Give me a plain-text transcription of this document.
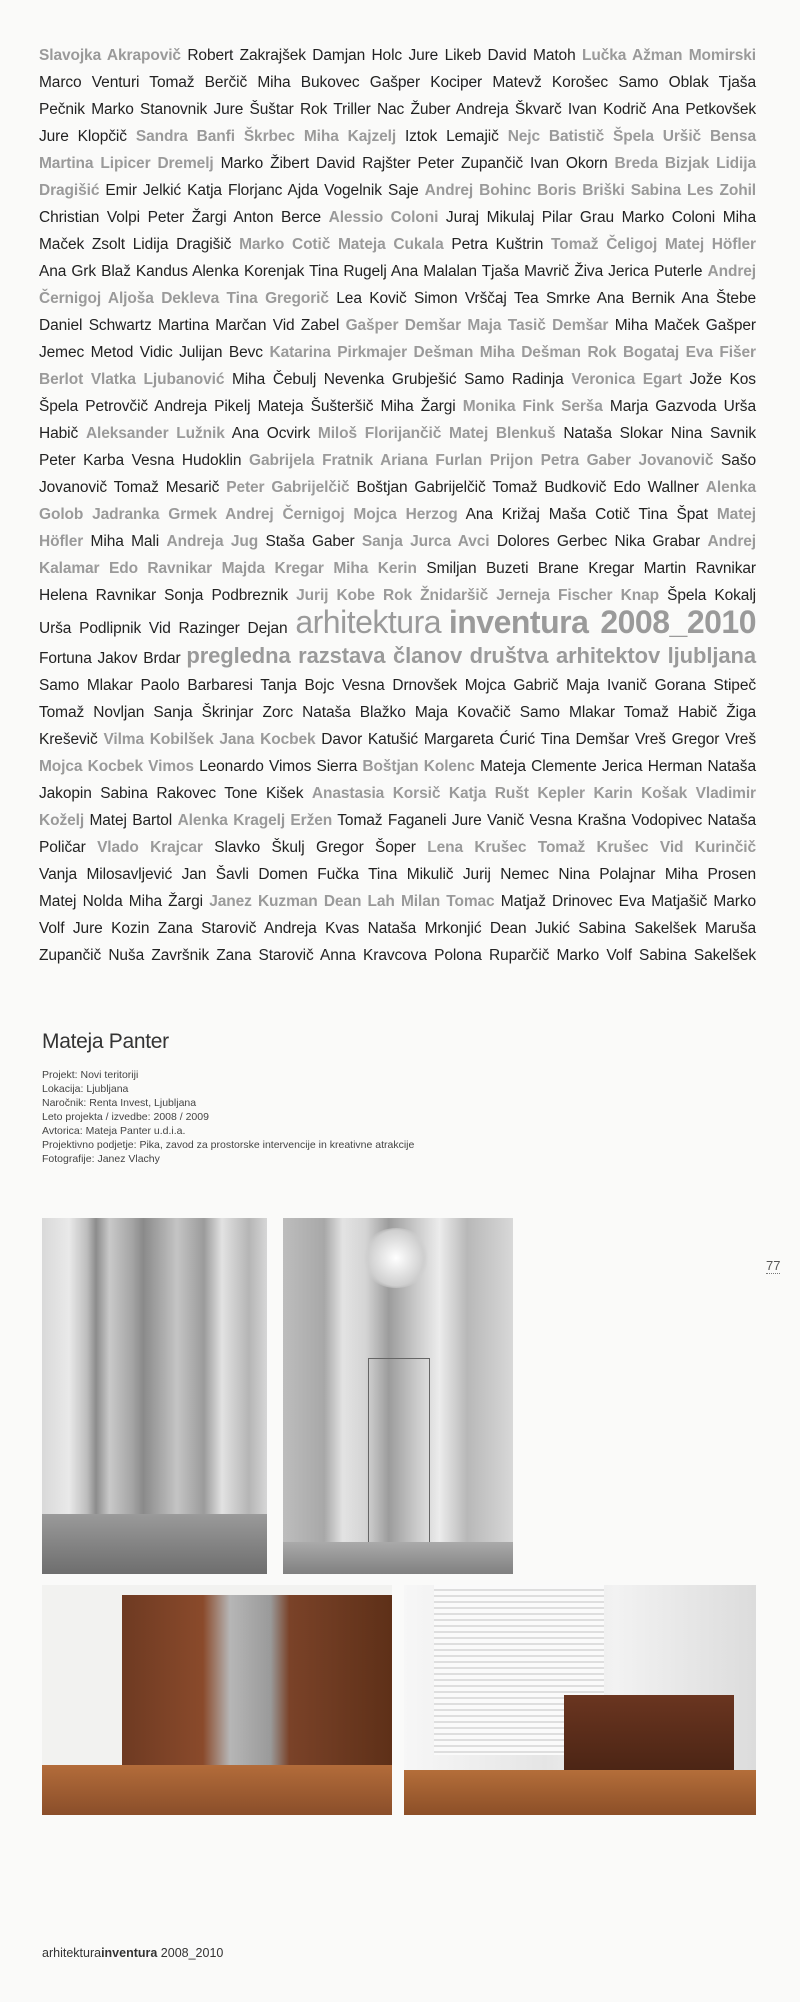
Slavojka Akrapovič Robert Zakrajšek Damjan Holc Jure Likeb David Matoh Lučka Ažman Momirski
Marco Venturi Tomaž Berčič Miha Bukovec Gašper Kociper Matevž Korošec Samo Oblak Tjaša
Pečnik Marko Stanovnik Jure Šuštar Rok Triller Nac Žuber Andreja Škvarč Ivan Kodrič Ana Petkovšek
Jure Klopčič Sandra Banfi Škrbec Miha Kajzelj Iztok Lemajič Nejc Batistič Špela Uršič Bensa
Martina Lipicer Dremelj Marko Žibert David Rajšter Peter Zupančič Ivan Okorn Breda Bizjak Lidija
Dragišić Emir Jelkić Katja Florjanc Ajda Vogelnik Saje Andrej Bohinc Boris Briški Sabina Les Zohil
Christian Volpi Peter Žargi Anton Berce Alessio Coloni Juraj Mikulaj Pilar Grau Marko Coloni Miha
Maček Zsolt Lidija Dragišič Marko Cotič Mateja Cukala Petra Kuštrin Tomaž Čeligoj Matej Höfler
Ana Grk Blaž Kandus Alenka Korenjak Tina Rugelj Ana Malalan Tjaša Mavrič Živa Jerica Puterle Andrej
Černigoj Aljoša Dekleva Tina Gregorič Lea Kovič Simon Vrščaj Tea Smrke Ana Bernik Ana Štebe
Daniel Schwartz Martina Marčan Vid Zabel Gašper Demšar Maja Tasič Demšar Miha Maček Gašper
Jemec Metod Vidic Julijan Bevc Katarina Pirkmajer Dešman Miha Dešman Rok Bogataj Eva Fišer
Berlot Vlatka Ljubanović Miha Čebulj Nevenka Grubješić Samo Radinja Veronica Egart Jože Kos
Špela Petrovčič Andreja Pikelj Mateja Šušteršič Miha Žargi Monika Fink Serša Marja Gazvoda Urša
Habič Aleksander Lužnik Ana Ocvirk Miloš Florijančič Matej Blenkuš Nataša Slokar Nina Savnik
Peter Karba Vesna Hudoklin Gabrijela Fratnik Ariana Furlan Prijon Petra Gaber Jovanovič Sašo
Jovanovič Tomaž Mesarič Peter Gabrijelčič Boštjan Gabrijelčič Tomaž Budkovič Edo Wallner Alenka
Golob Jadranka Grmek Andrej Černigoj Mojca Herzog Ana Križaj Maša Cotič Tina Špat Matej
Höfler Miha Mali Andreja Jug Staša Gaber Sanja Jurca Avci Dolores Gerbec Nika Grabar Andrej
Kalamar Edo Ravnikar Majda Kregar Miha Kerin Smiljan Buzeti Brane Kregar Martin Ravnikar
Helena Ravnikar Sonja Podbreznik Jurij Kobe Rok Žnidaršič Jerneja Fischer Knap Špela Kokalj
Urša Podlipnik Vid Razinger Dejan arhitektura inventura 2008_2010
Fortuna Jakov Brdar pregledna razstava članov društva arhitektov ljubljana
Samo Mlakar Paolo Barbaresi Tanja Bojc Vesna Drnovšek Mojca Gabrič Maja Ivanič Gorana Stipeč
Tomaž Novljan Sanja Škrinjar Zorc Nataša Blažko Maja Kovačič Samo Mlakar Tomaž Habič Žiga
Kreševič Vilma Kobilšek Jana Kocbek Davor Katušić Margareta Ćurić Tina Demšar Vreš Gregor Vreš
Mojca Kocbek Vimos Leonardo Vimos Sierra Boštjan Kolenc Mateja Clemente Jerica Herman Nataša
Jakopin Sabina Rakovec Tone Kišek Anastasia Korsič Katja Rušt Kepler Karin Košak Vladimir
Koželj Matej Bartol Alenka Kragelj Eržen Tomaž Faganeli Jure Vanič Vesna Krašna Vodopivec Nataša
Poličar Vlado Krajcar Slavko Škulj Gregor Šoper Lena Krušec Tomaž Krušec Vid Kurinčič
Vanja Milosavljević Jan Šavli Domen Fučka Tina Mikulič Jurij Nemec Nina Polajnar Miha Prosen
Matej Nolda Miha Žargi Janez Kuzman Dean Lah Milan Tomac Matjaž Drinovec Eva Matjašič Marko
Volf Jure Kozin Zana Starovič Andreja Kvas Nataša Mrkonjić Dean Jukić Sabina Sakelšek Maruša
Zupančič Nuša Završnik Zana Starovič Anna Kravcova Polona Ruparčič Marko Volf Sabina Sakelšek
Mateja Panter
Projekt: Novi teritoriji
Lokacija: Ljubljana
Naročnik: Renta Invest, Ljubljana
Leto projekta / izvedbe: 2008 / 2009
Avtorica: Mateja Panter u.d.i.a.
Projektivno podjetje: Pika, zavod za prostorske intervencije in kreativne atrakcije
Fotografije: Janez Vlachy
77
arhitekturainventura 2008_2010
